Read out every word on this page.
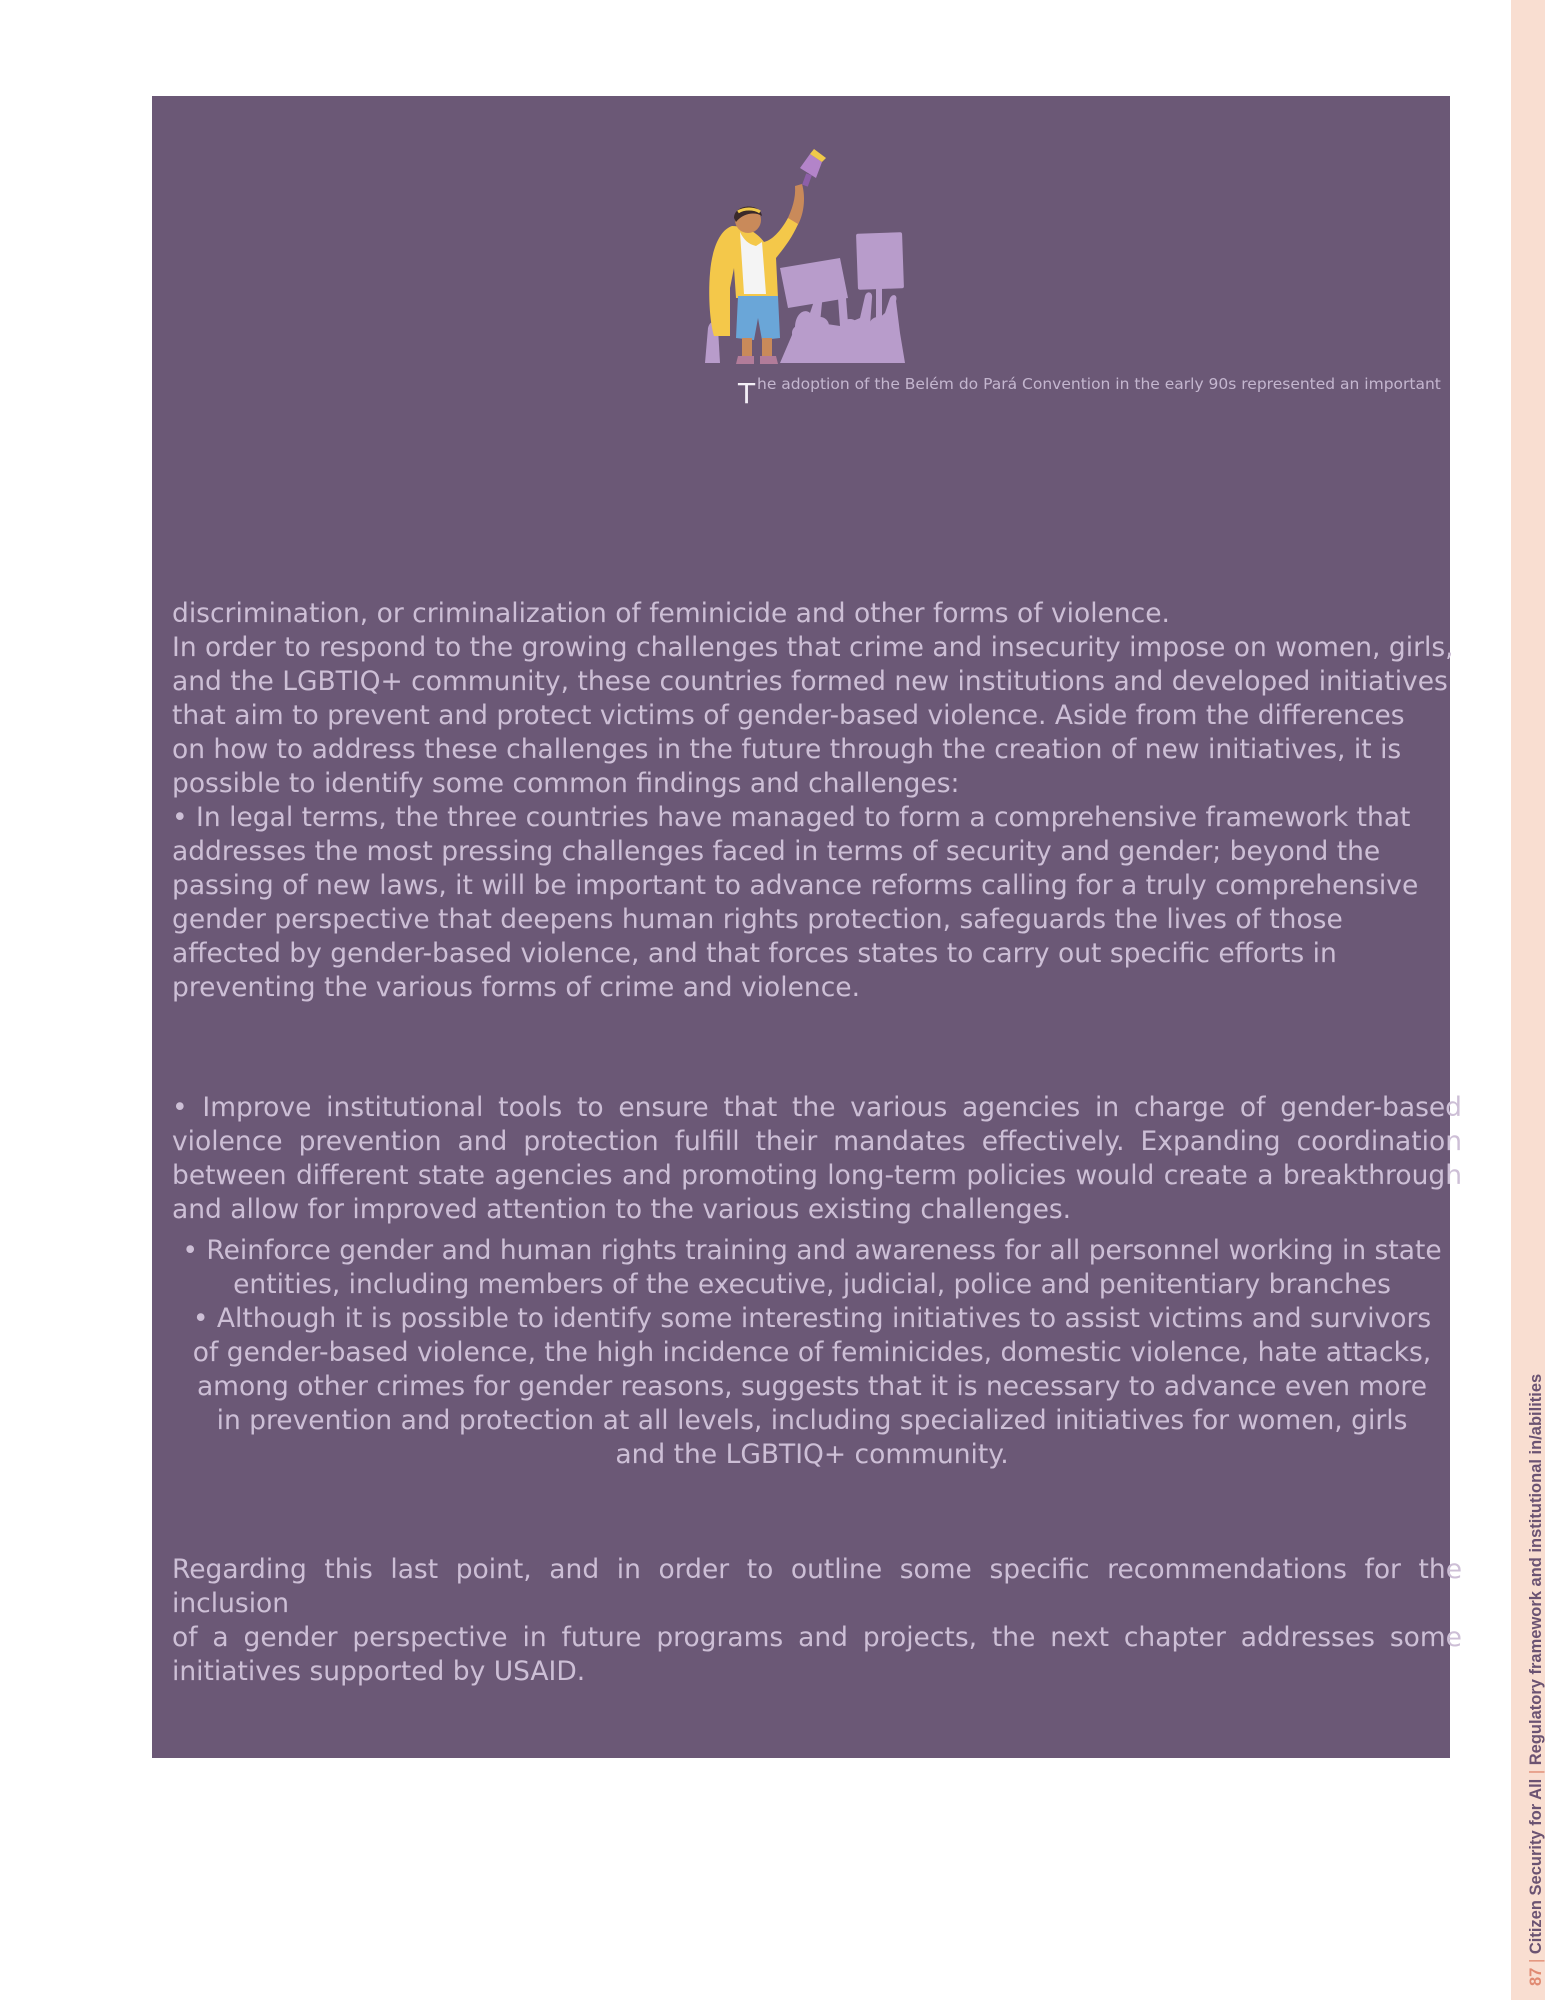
87 | Citizen Security for All | Regulatory framework and institutional in/abilities
he adoption of the Belém do Pará Convention in the early 90s represented an important
T
discrimination, or criminalization of feminicide and other forms of violence.
In order to respond to the growing challenges that crime and insecurity impose on women, girls,
and the LGBTIQ+ community, these countries formed new institutions and developed initiatives
that aim to prevent and protect victims of gender-based violence. Aside from the differences
on how to address these challenges in the future through the creation of new initiatives, it is
possible to identify some common findings and challenges:
• In legal terms, the three countries have managed to form a comprehensive framework that
addresses the most pressing challenges faced in terms of security and gender; beyond the
passing of new laws, it will be important to advance reforms calling for a truly comprehensive
gender perspective that deepens human rights protection, safeguards the lives of those
affected by gender-based violence, and that forces states to carry out specific efforts in
preventing the various forms of crime and violence.
• Improve institutional tools to ensure that the various agencies in charge of gender-based
violence prevention and protection fulfill their mandates effectively. Expanding coordination
between different state agencies and promoting long-term policies would create a breakthrough
and allow for improved attention to the various existing challenges.
• Reinforce gender and human rights training and awareness for all personnel working in state
entities, including members of the executive, judicial, police and penitentiary branches
• Although it is possible to identify some interesting initiatives to assist victims and survivors
of gender-based violence, the high incidence of feminicides, domestic violence, hate attacks,
among other crimes for gender reasons, suggests that it is necessary to advance even more
in prevention and protection at all levels, including specialized initiatives for women, girls
and the LGBTIQ+ community.
Regarding this last point, and in order to outline some specific recommendations for the inclusion
of a gender perspective in future programs and projects, the next chapter addresses some
initiatives supported by USAID.
